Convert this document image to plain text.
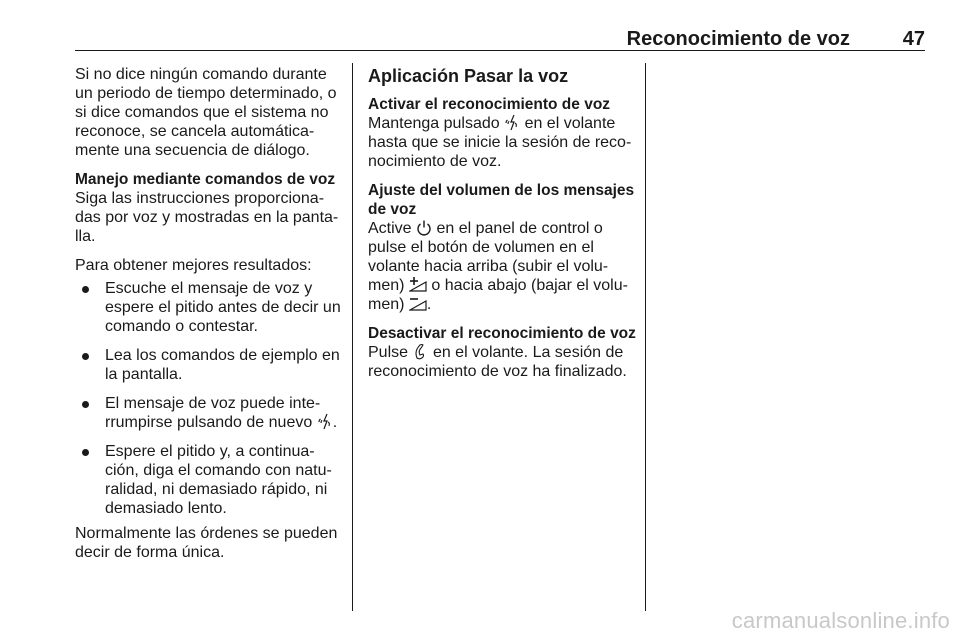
Reconocimiento de voz	47

Si no dice ningún comando durante
un periodo de tiempo determinado, o
si dice comandos que el sistema no
reconoce, se cancela automática-
mente una secuencia de diálogo.

Manejo mediante comandos de voz
Siga las instrucciones proporciona-
das por voz y mostradas en la panta-
lla.

Para obtener mejores resultados:

Escuche el mensaje de voz y
espere el pitido antes de decir un
comando o contestar.
Lea los comandos de ejemplo en
la pantalla.
El mensaje de voz puede inte-
rrumpirse pulsando de nuevo .
Espere el pitido y, a continua-
ción, diga el comando con natu-
ralidad, ni demasiado rápido, ni
demasiado lento.

Normalmente las órdenes se pueden
decir de forma única.

Aplicación Pasar la voz

Activar el reconocimiento de voz
Mantenga pulsado en el volante
hasta que se inicie la sesión de reco-
nocimiento de voz.

Ajuste del volumen de los mensajes
de voz
Active en el panel de control o
pulse el botón de volumen en el
volante hacia arriba (subir el volu-
men) o hacia abajo (bajar el volu-
men) .

Desactivar el reconocimiento de voz
Pulse en el volante. La sesión de
reconocimiento de voz ha finalizado.

carmanualsonline.info
